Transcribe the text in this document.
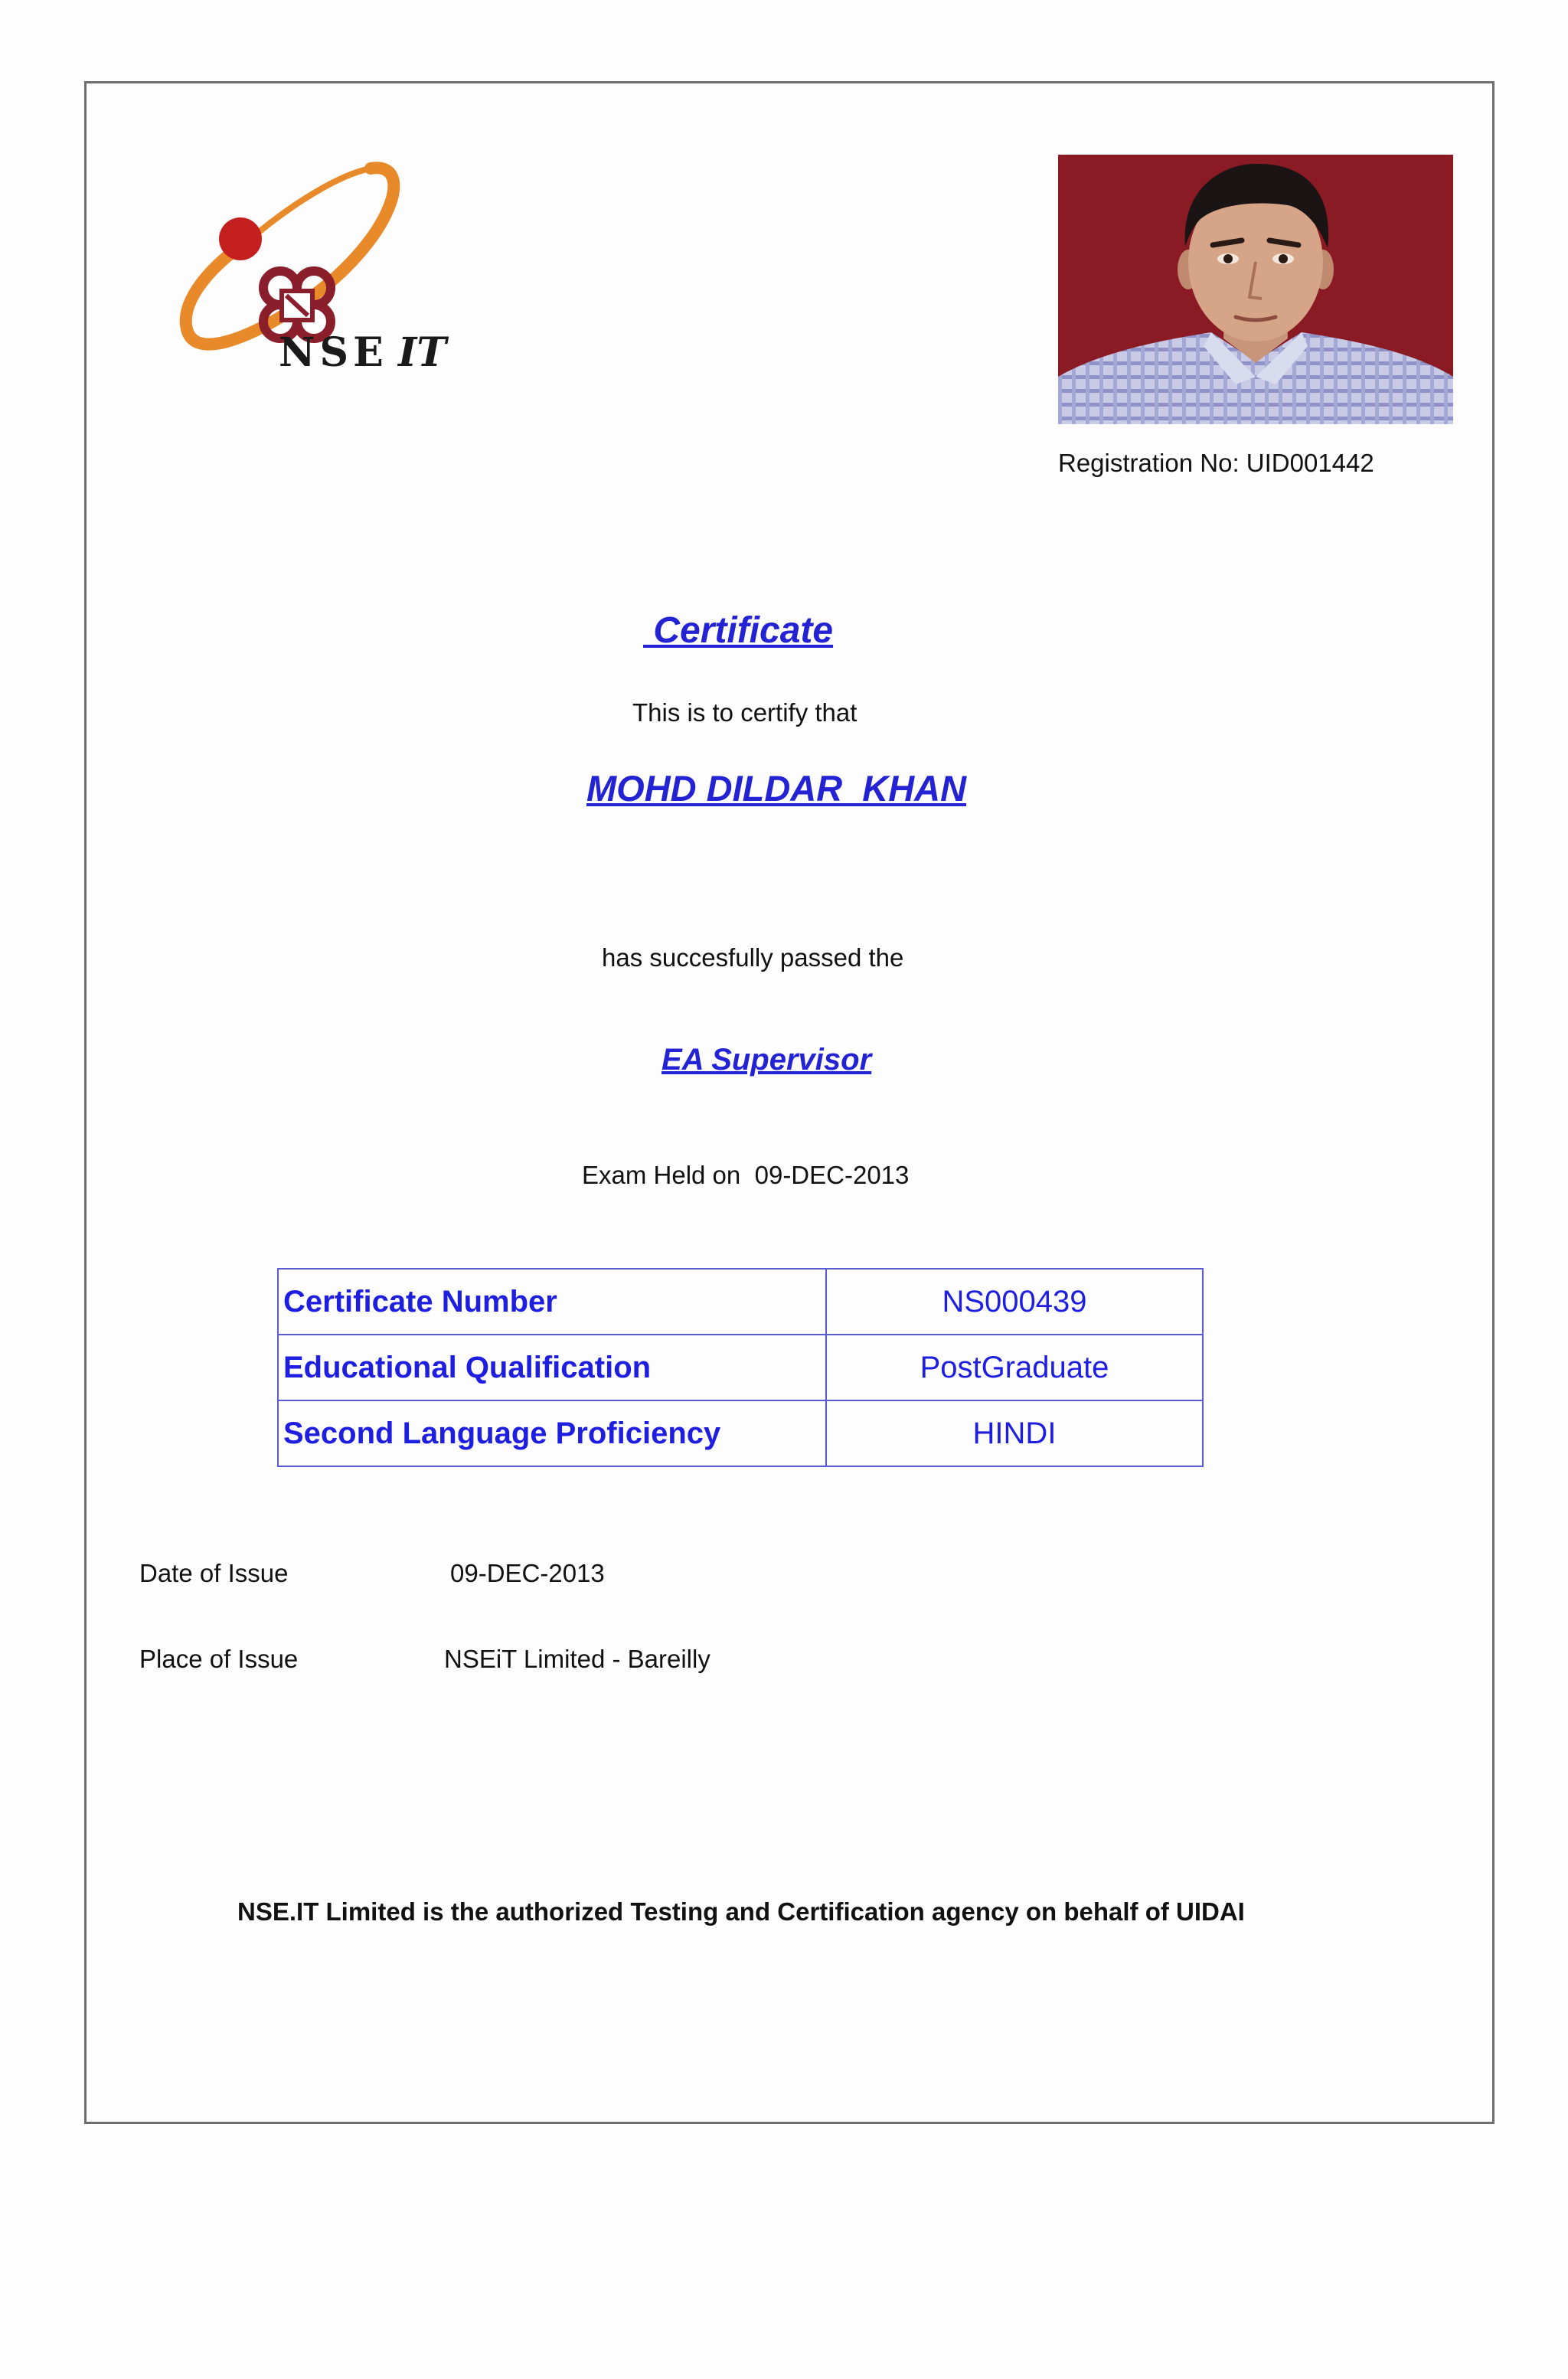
NSE IT
Registration No: UID001442
Certificate
This is to certify that
MOHD DILDAR  KHAN
has succesfully passed the
EA Supervisor
Exam Held on 09-DEC-2013
Certificate Number	NS000439
Educational Qualification	PostGraduate
Second Language Proficiency	HINDI
Date of Issue	09-DEC-2013
Place of Issue	NSEiT Limited - Bareilly
NSE.IT Limited is the authorized Testing and Certification agency on behalf of UIDAI
